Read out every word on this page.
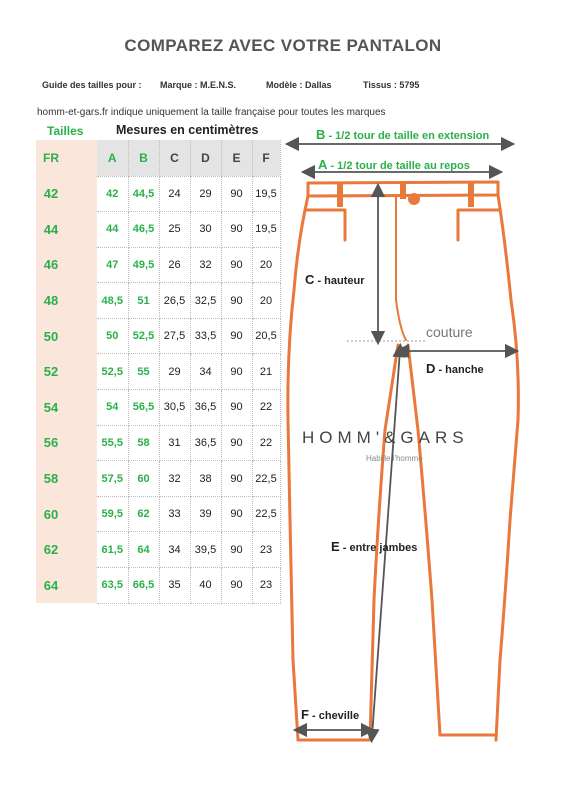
COMPAREZ AVEC VOTRE PANTALON
Guide des tailles pour : Marque : M.E.N.S.	Modèle : Dallas	Tissus : 5795
homm-et-gars.fr indique uniquement la taille française pour toutes les marques
Tailles	Mesures en centimètres
FR		A	B	C	D	E	F
42		42	44,5	24	29	90	19,5
44		44	46,5	25	30	90	19,5
46		47	49,5	26	32	90	20
48		48,5	51	26,5	32,5	90	20
50		50	52,5	27,5	33,5	90	20,5
52		52,5	55	29	34	90	21
54		54	56,5	30,5	36,5	90	22
56		55,5	58	31	36,5	90	22
58		57,5	60	32	38	90	22,5
60		59,5	62	33	39	90	22,5
62		61,5	64	34	39,5	90	23
64		63,5	66,5	35	40	90	23
B - 1/2 tour de taille en extension
A - 1/2 tour de taille au repos
C - hauteur
D - hanche
E - entre jambes
F - cheville
couture
HOMM'&GARS
Habille l'homme
